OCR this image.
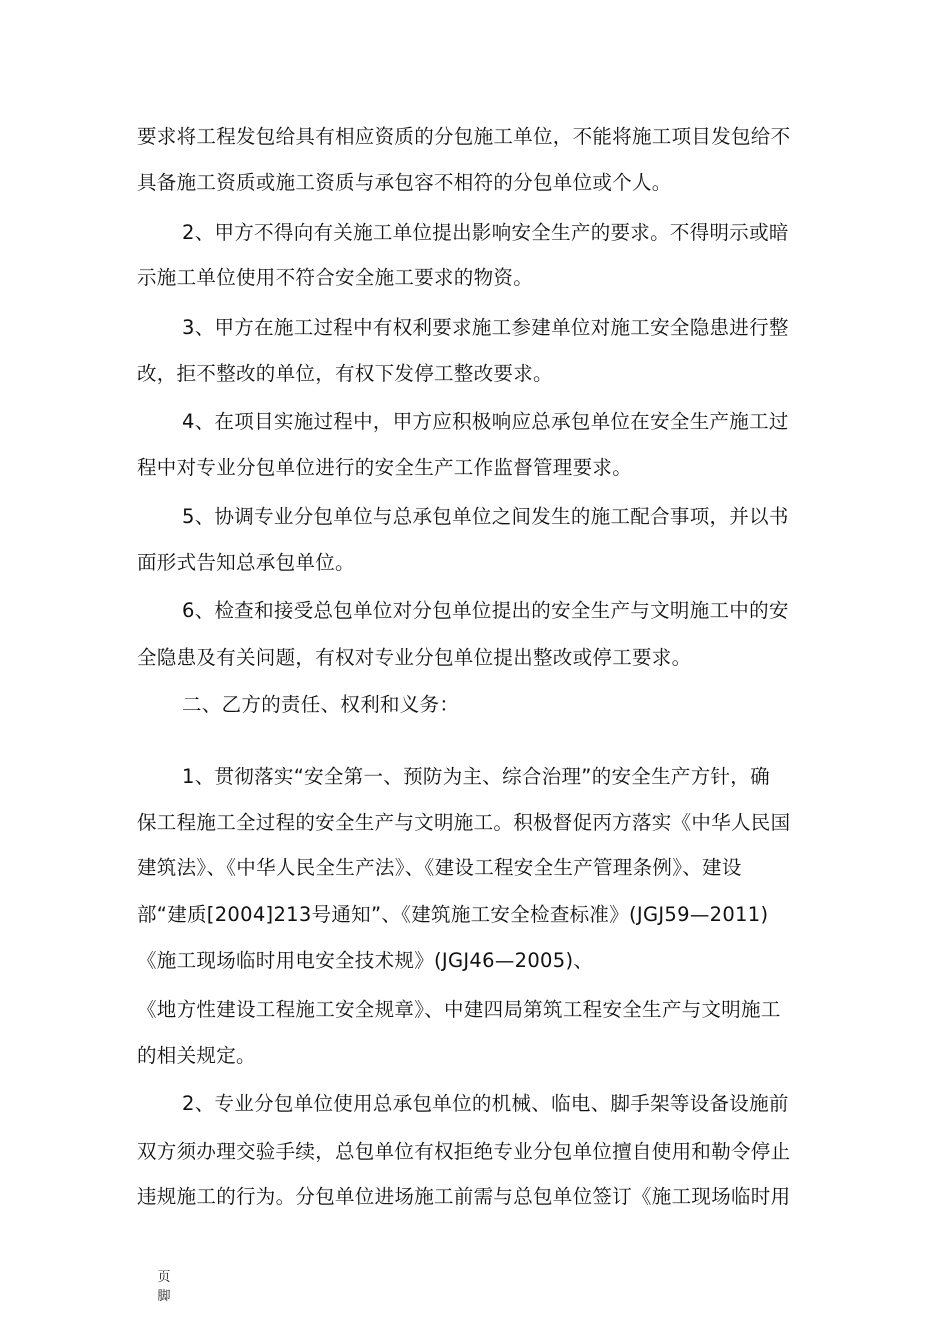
要求将工程发包给具有相应资质的分包施工单位，不能将施工项目发包给不
具备施工资质或施工资质与承包容不相符的分包单位或个人。
2、甲方不得向有关施工单位提出影响安全生产的要求。不得明示或暗
示施工单位使用不符合安全施工要求的物资。
3、甲方在施工过程中有权利要求施工参建单位对施工安全隐患进行整
改，拒不整改的单位，有权下发停工整改要求。
4、在项目实施过程中，甲方应积极响应总承包单位在安全生产施工过
程中对专业分包单位进行的安全生产工作监督管理要求。
5、协调专业分包单位与总承包单位之间发生的施工配合事项，并以书
面形式告知总承包单位。
6、检查和接受总包单位对分包单位提出的安全生产与文明施工中的安
全隐患及有关问题，有权对专业分包单位提出整改或停工要求。
二、乙方的责任、权利和义务：
1、贯彻落实“安全第一、预防为主、综合治理”的安全生产方针，确
保工程施工全过程的安全生产与文明施工。积极督促丙方落实《中华人民国
建筑法》、《中华人民全生产法》、《建设工程安全生产管理条例》、建设
部“建质[2004]213号通知”、《建筑施工安全检查标准》(JGJ59—2011)
《施工现场临时用电安全技术规》(JGJ46—2005)、
《地方性建设工程施工安全规章》、中建四局第筑工程安全生产与文明施工
的相关规定。
2、专业分包单位使用总承包单位的机械、临电、脚手架等设备设施前
双方须办理交验手续，总包单位有权拒绝专业分包单位擅自使用和勒令停止
违规施工的行为。分包单位进场施工前需与总包单位签订《施工现场临时用
页
脚
